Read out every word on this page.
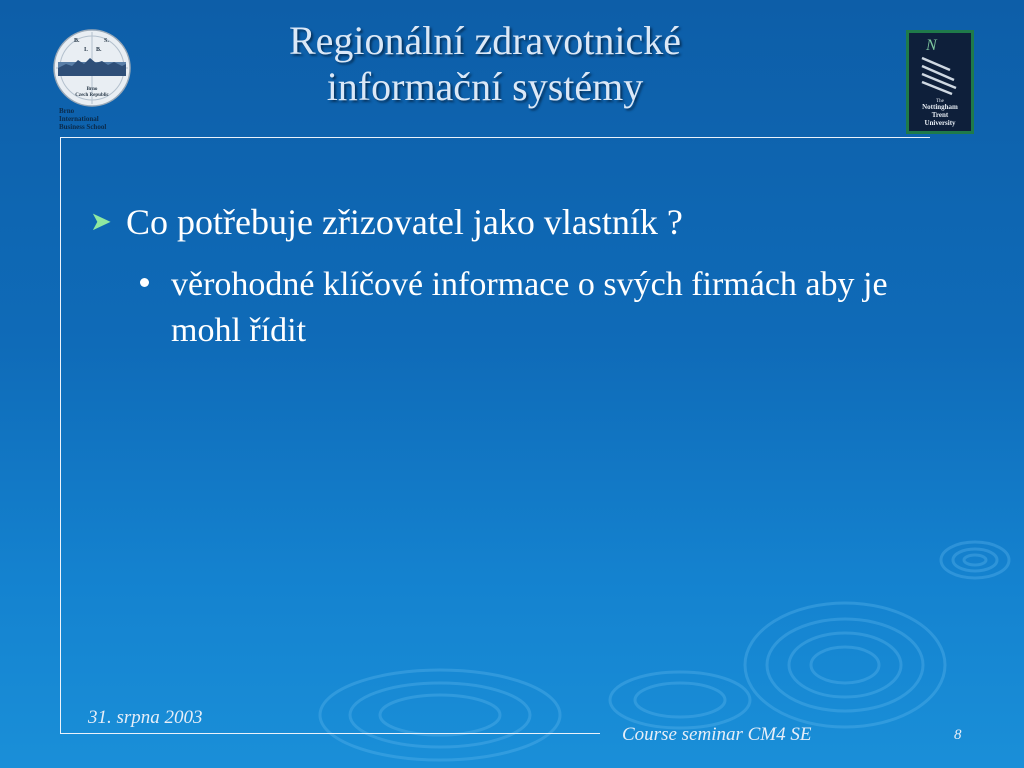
B.	S.
I. B.
Brno
Czech Republic
Brno
International
Business School
Regionální zdravotnické
informační systémy
N
The
Nottingham
Trent
University
➤ Co potřebuje zřizovatel jako vlastník ?
věrohodné klíčové informace o svých firmách aby je mohl řídit
31. srpna 2003
Course seminar CM4 SE	8
